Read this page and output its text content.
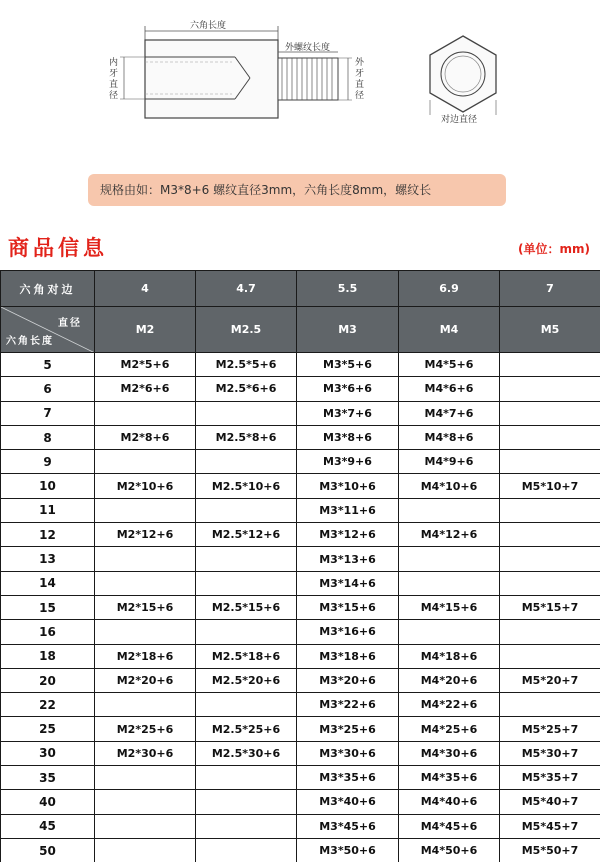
六角长度
外螺纹长度
内牙直径
外牙直径
对边直径
规格由如：M3*8+6 螺纹直径3mm，六角长度8mm，螺纹长
商品信息	(单位：mm)
六角对边	4	4.7	5.5	6.9	7

直径
六角长度	M2	M2.5	M3	M4	M5
5	M2*5+6	M2.5*5+6	M3*5+6	M4*5+6	
6	M2*6+6	M2.5*6+6	M3*6+6	M4*6+6	
7			M3*7+6	M4*7+6	
8	M2*8+6	M2.5*8+6	M3*8+6	M4*8+6	
9			M3*9+6	M4*9+6	
10	M2*10+6	M2.5*10+6	M3*10+6	M4*10+6	M5*10+7
11			M3*11+6		
12	M2*12+6	M2.5*12+6	M3*12+6	M4*12+6	
13			M3*13+6		
14			M3*14+6		
15	M2*15+6	M2.5*15+6	M3*15+6	M4*15+6	M5*15+7
16			M3*16+6		
18	M2*18+6	M2.5*18+6	M3*18+6	M4*18+6	
20	M2*20+6	M2.5*20+6	M3*20+6	M4*20+6	M5*20+7
22			M3*22+6	M4*22+6	
25	M2*25+6	M2.5*25+6	M3*25+6	M4*25+6	M5*25+7
30	M2*30+6	M2.5*30+6	M3*30+6	M4*30+6	M5*30+7
35			M3*35+6	M4*35+6	M5*35+7
40			M3*40+6	M4*40+6	M5*40+7
45			M3*45+6	M4*45+6	M5*45+7
50			M3*50+6	M4*50+6	M5*50+7
